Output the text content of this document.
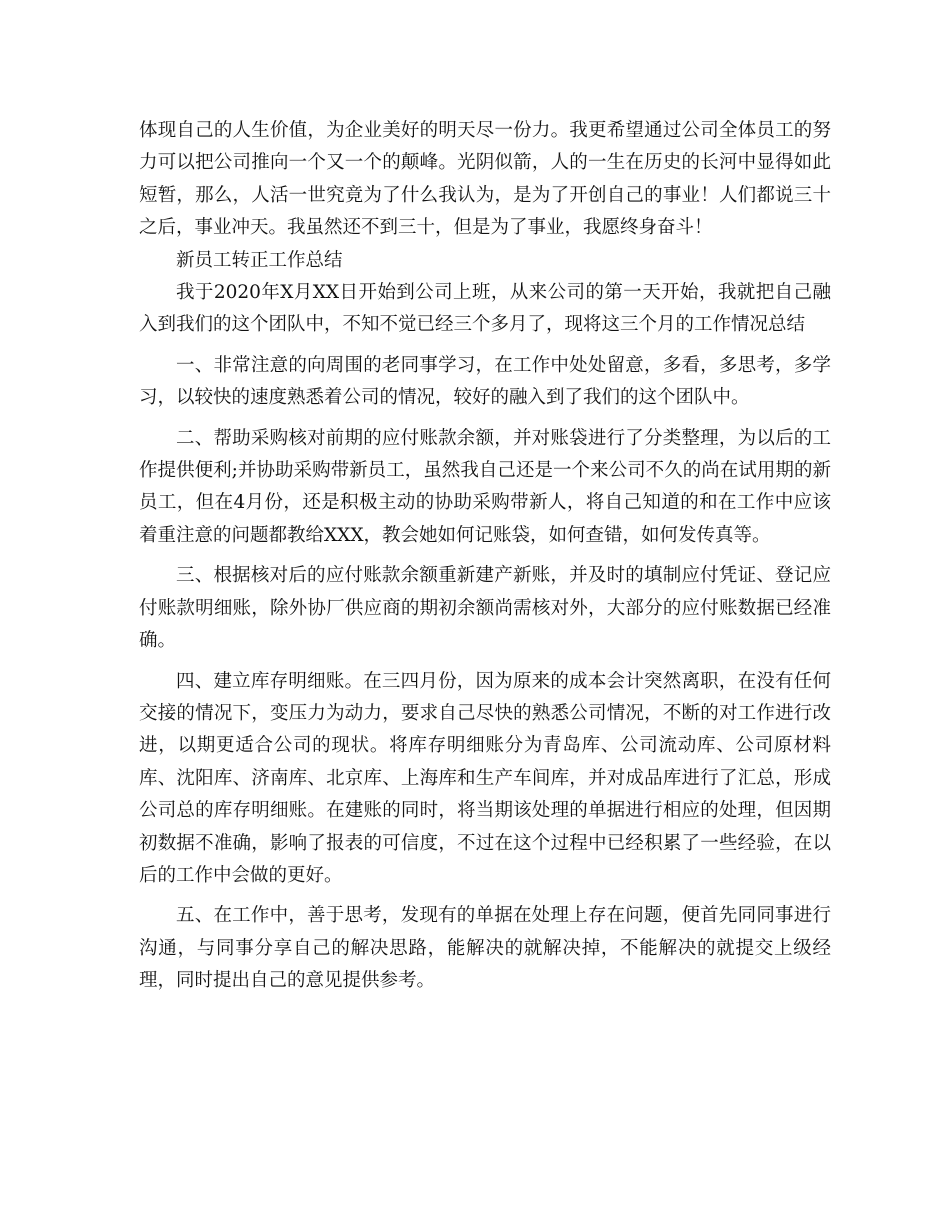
体现自己的人生价值，为企业美好的明天尽一份力。我更希望通过公司全体员工的努力可以把公司推向一个又一个的颠峰。光阴似箭，人的一生在历史的长河中显得如此短暂，那么，人活一世究竟为了什么我认为，是为了开创自己的事业！人们都说三十之后，事业冲天。我虽然还不到三十，但是为了事业，我愿终身奋斗！

新员工转正工作总结

我于2020年X月XX日开始到公司上班，从来公司的第一天开始，我就把自己融入到我们的这个团队中，不知不觉已经三个多月了，现将这三个月的工作情况总结

一、非常注意的向周围的老同事学习，在工作中处处留意，多看，多思考，多学习，以较快的速度熟悉着公司的情况，较好的融入到了我们的这个团队中。

二、帮助采购核对前期的应付账款余额，并对账袋进行了分类整理，为以后的工作提供便利;并协助采购带新员工，虽然我自己还是一个来公司不久的尚在试用期的新员工，但在4月份，还是积极主动的协助采购带新人，将自己知道的和在工作中应该着重注意的问题都教给XXX，教会她如何记账袋，如何查错，如何发传真等。

三、根据核对后的应付账款余额重新建产新账，并及时的填制应付凭证、登记应付账款明细账，除外协厂供应商的期初余额尚需核对外，大部分的应付账数据已经准确。

四、建立库存明细账。在三四月份，因为原来的成本会计突然离职，在没有任何交接的情况下，变压力为动力，要求自己尽快的熟悉公司情况，不断的对工作进行改进，以期更适合公司的现状。将库存明细账分为青岛库、公司流动库、公司原材料库、沈阳库、济南库、北京库、上海库和生产车间库，并对成品库进行了汇总，形成公司总的库存明细账。在建账的同时，将当期该处理的单据进行相应的处理，但因期初数据不准确，影响了报表的可信度，不过在这个过程中已经积累了一些经验，在以后的工作中会做的更好。

五、在工作中，善于思考，发现有的单据在处理上存在问题，便首先同同事进行沟通，与同事分享自己的解决思路，能解决的就解决掉，不能解决的就提交上级经理，同时提出自己的意见提供参考。
